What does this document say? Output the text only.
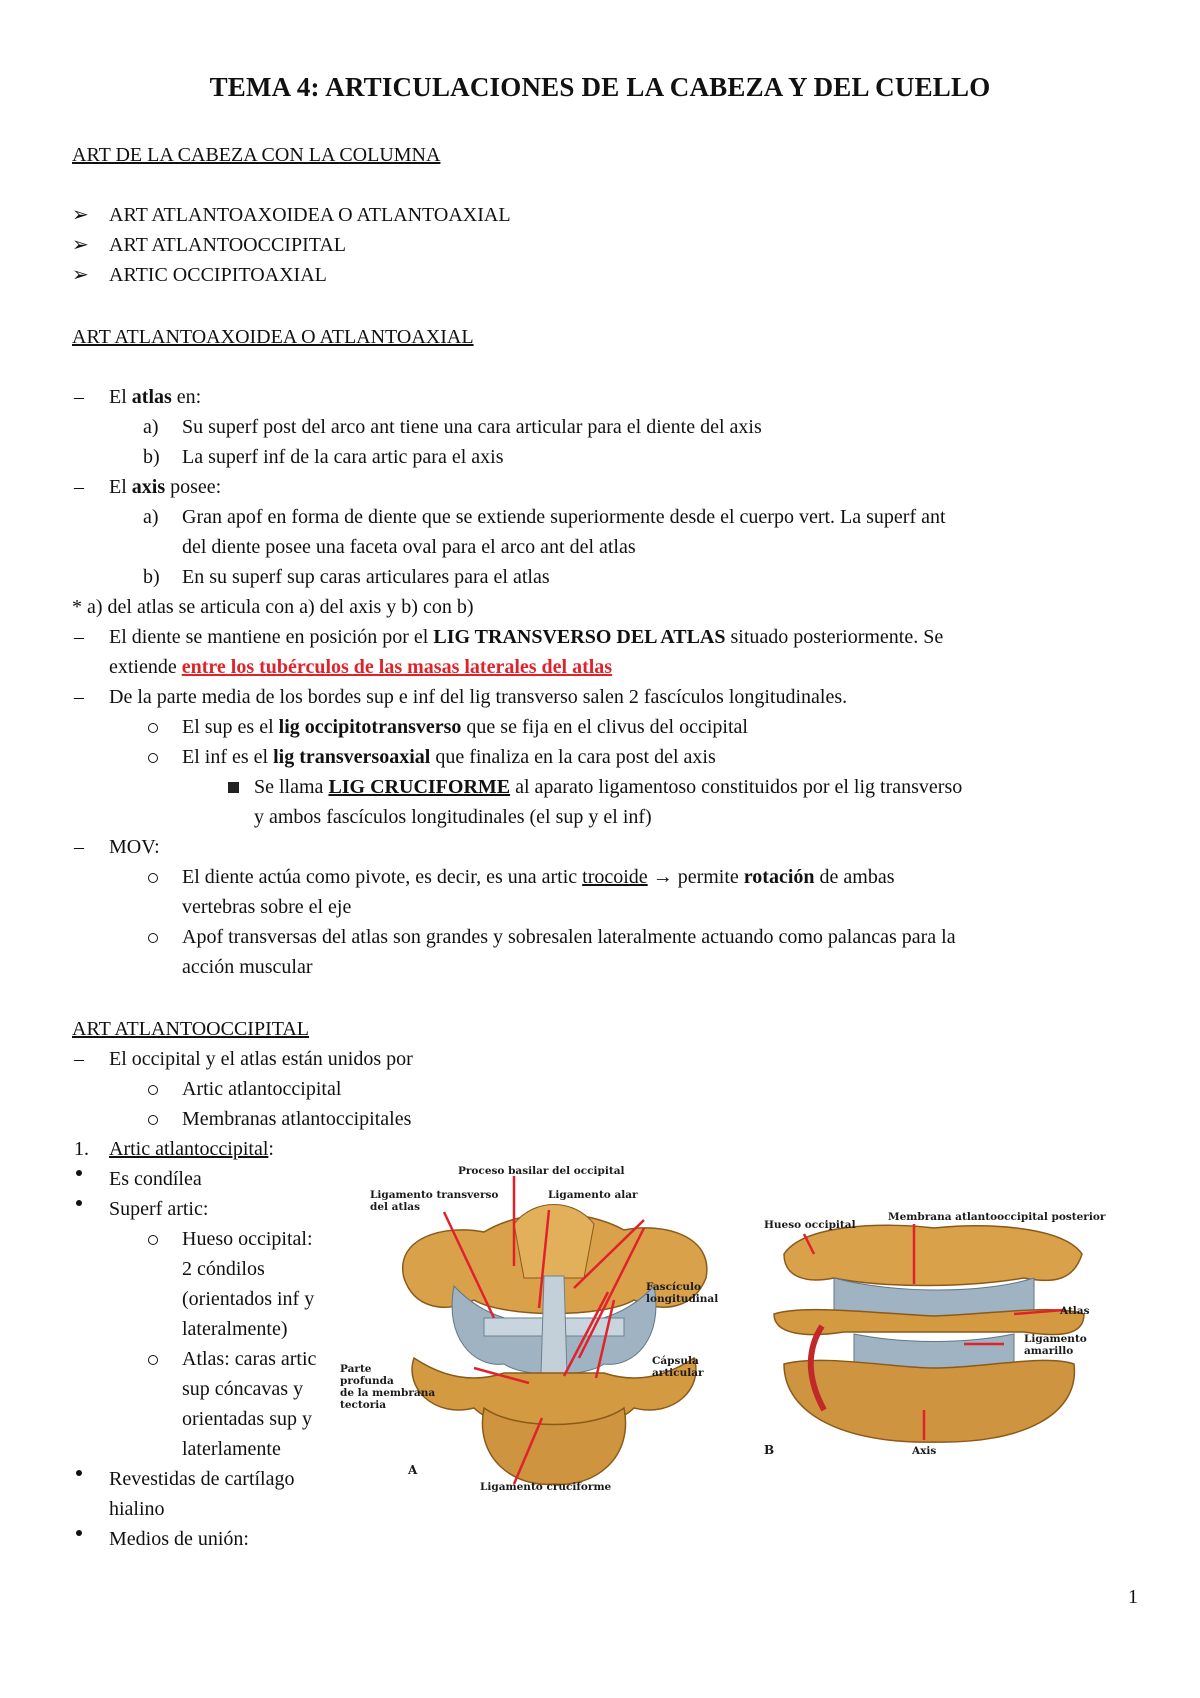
TEMA 4: ARTICULACIONES DE LA CABEZA Y DEL CUELLO
ART DE LA CABEZA CON LA COLUMNA
➢ ART ATLANTOAXOIDEA O ATLANTOAXIAL
➢ ART ATLANTOOCCIPITAL
➢ ARTIC OCCIPITOAXIAL
ART ATLANTOAXOIDEA O ATLANTOAXIAL
– El atlas en:
a) Su superf post del arco ant tiene una cara articular para el diente del axis
b) La superf inf de la cara artic para el axis
– El axis posee:
a) Gran apof en forma de diente que se extiende superiormente desde el cuerpo vert. La superf ant
del diente posee una faceta oval para el arco ant del atlas
b) En su superf sup caras articulares para el atlas
* a) del atlas se articula con a) del axis y b) con b)
– El diente se mantiene en posición por el LIG TRANSVERSO DEL ATLAS situado posteriormente. Se
extiende entre los tubérculos de las masas laterales del atlas
– De la parte media de los bordes sup e inf del lig transverso salen 2 fascículos longitudinales.
El sup es el lig occipitotransverso que se fija en el clivus del occipital
El inf es el lig transversoaxial que finaliza en la cara post del axis
Se llama LIG CRUCIFORME al aparato ligamentoso constituidos por el lig transverso
y ambos fascículos longitudinales (el sup y el inf)
– MOV:
El diente actúa como pivote, es decir, es una artic trocoide → permite rotación de ambas
vertebras sobre el eje
Apof transversas del atlas son grandes y sobresalen lateralmente actuando como palancas para la
acción muscular
ART ATLANTOOCCIPITAL
– El occipital y el atlas están unidos por
Artic atlantoccipital
Membranas atlantoccipitales
1. Artic atlantoccipital:
Es condílea
Superf artic:
Hueso occipital:
2 cóndilos
(orientados inf y
lateralmente)
Atlas: caras artic
sup cóncavas y
orientadas sup y
laterlamente
Revestidas de cartílago
hialino
Medios de unión:
Proceso basilar del occipital
Ligamento transverso
del atlas
Ligamento alar
Fascículo
longitudinal
Cápsula
articular
Parte
profunda
de la membrana
tectoria
Ligamento cruciforme
A
Hueso occipital
Membrana atlantooccipital posterior
Atlas
Ligamento
amarillo
Axis
B
1
